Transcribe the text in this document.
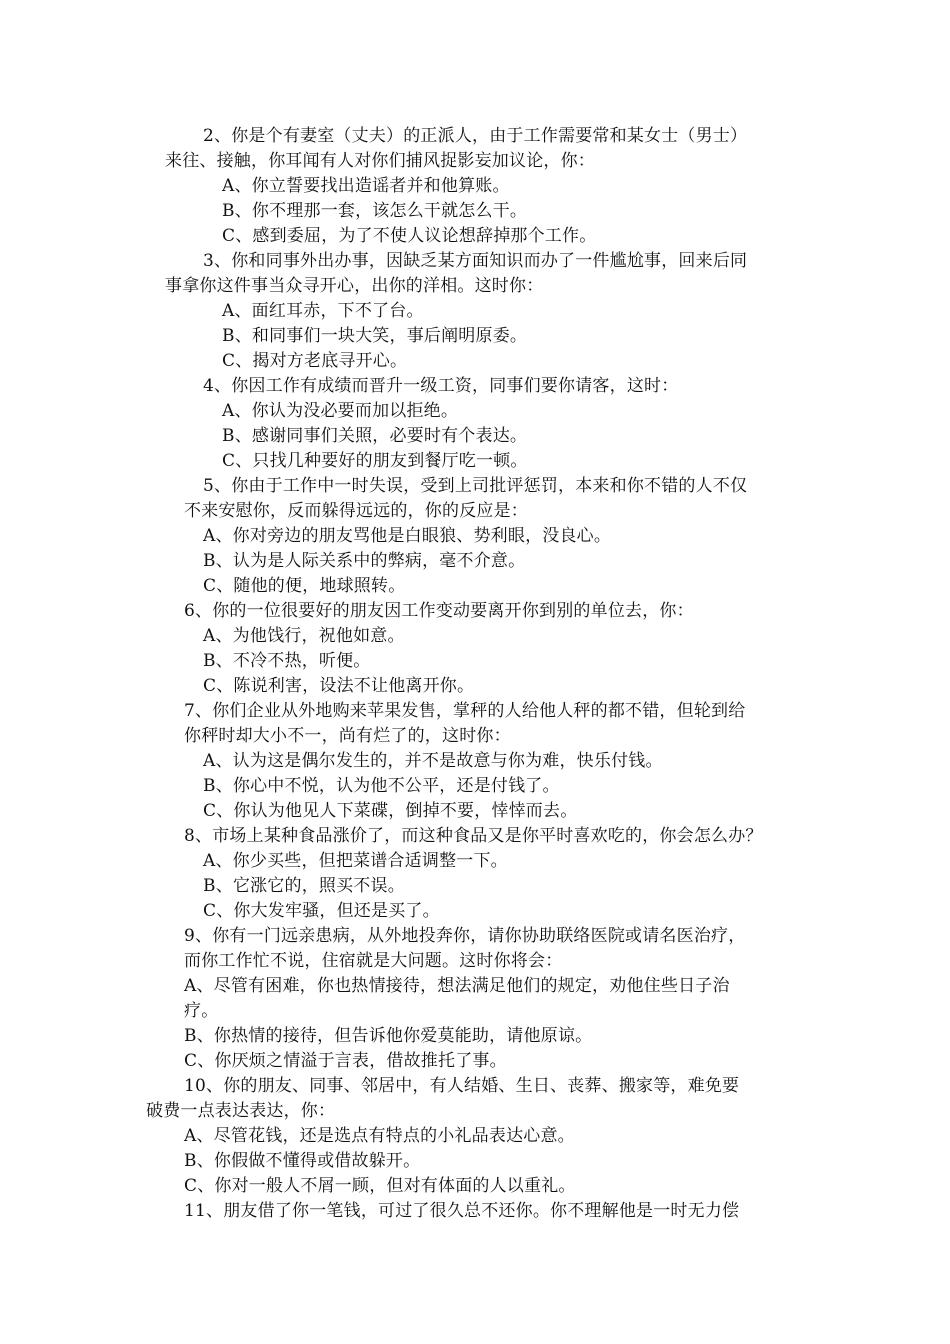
2、你是个有妻室（丈夫）的正派人，由于工作需要常和某女士（男士）
来往、接触，你耳闻有人对你们捕风捉影妄加议论，你：
A、你立誓要找出造谣者并和他算账。
B、你不理那一套，该怎么干就怎么干。
C、感到委屈，为了不使人议论想辞掉那个工作。
3、你和同事外出办事，因缺乏某方面知识而办了一件尴尬事，回来后同
事拿你这件事当众寻开心，出你的洋相。这时你：
A、面红耳赤，下不了台。
B、和同事们一块大笑，事后阐明原委。
C、揭对方老底寻开心。
4、你因工作有成绩而晋升一级工资，同事们要你请客，这时：
A、你认为没必要而加以拒绝。
B、感谢同事们关照，必要时有个表达。
C、只找几种要好的朋友到餐厅吃一顿。
5、你由于工作中一时失误，受到上司批评惩罚，本来和你不错的人不仅
不来安慰你，反而躲得远远的，你的反应是：
A、你对旁边的朋友骂他是白眼狼、势利眼，没良心。
B、认为是人际关系中的弊病，毫不介意。
C、随他的便，地球照转。
6、你的一位很要好的朋友因工作变动要离开你到别的单位去，你：
A、为他饯行，祝他如意。
B、不冷不热，听便。
C、陈说利害，设法不让他离开你。
7、你们企业从外地购来苹果发售，掌秤的人给他人秤的都不错，但轮到给
你秤时却大小不一，尚有烂了的，这时你：
A、认为这是偶尔发生的，并不是故意与你为难，快乐付钱。
B、你心中不悦，认为他不公平，还是付钱了。
C、你认为他见人下菜碟，倒掉不要，悻悻而去。
8、市场上某种食品涨价了，而这种食品又是你平时喜欢吃的，你会怎么办？
A、你少买些，但把菜谱合适调整一下。
B、它涨它的，照买不误。
C、你大发牢骚，但还是买了。
9、你有一门远亲患病，从外地投奔你，请你协助联络医院或请名医治疗，
而你工作忙不说，住宿就是大问题。这时你将会：
A、尽管有困难，你也热情接待，想法满足他们的规定，劝他住些日子治
疗。
B、你热情的接待，但告诉他你爱莫能助，请他原谅。
C、你厌烦之情溢于言表，借故推托了事。
10、你的朋友、同事、邻居中，有人结婚、生日、丧葬、搬家等，难免要
破费一点表达表达，你：
A、尽管花钱，还是选点有特点的小礼品表达心意。
B、你假做不懂得或借故躲开。
C、你对一般人不屑一顾，但对有体面的人以重礼。
11、朋友借了你一笔钱，可过了很久总不还你。你不理解他是一时无力偿
